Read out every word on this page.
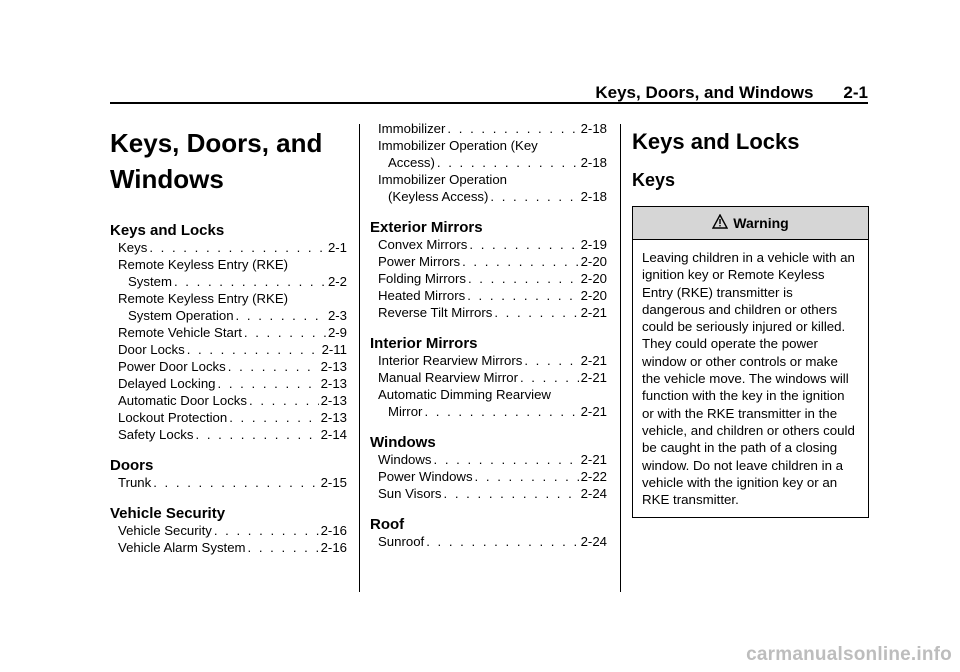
Keys, Doors, and Windows 2-1
Keys, Doors, and Windows
Keys and Locks
Keys . . .	2-1
Remote Keyless Entry (RKE)
System . . .	2-2
Remote Keyless Entry (RKE)
System Operation . . .	2-3
Remote Vehicle Start . . .	2-9
Door Locks . . .	2-11
Power Door Locks . . .	2-13
Delayed Locking . . .	2-13
Automatic Door Locks . . .	2-13
Lockout Protection . . .	2-13
Safety Locks . . .	2-14
Doors
Trunk . . .	2-15
Vehicle Security
Vehicle Security . . .	2-16
Vehicle Alarm System . . .	2-16
Immobilizer . . .	2-18
Immobilizer Operation (Key
Access) . . .	2-18
Immobilizer Operation
(Keyless Access) . . .	2-18
Exterior Mirrors
Convex Mirrors . . .	2-19
Power Mirrors . . .	2-20
Folding Mirrors . . .	2-20
Heated Mirrors . . .	2-20
Reverse Tilt Mirrors . . .	2-21
Interior Mirrors
Interior Rearview Mirrors . . .	2-21
Manual Rearview Mirror . . .	2-21
Automatic Dimming Rearview
Mirror . . .	2-21
Windows
Windows . . .	2-21
Power Windows . . .	2-22
Sun Visors . . .	2-24
Roof
Sunroof . . .	2-24
Keys and Locks
Keys
Warning
Leaving children in a vehicle with an ignition key or Remote Keyless Entry (RKE) transmitter is dangerous and children or others could be seriously injured or killed. They could operate the power window or other controls or make the vehicle move. The windows will function with the key in the ignition or with the RKE transmitter in the vehicle, and children or others could be caught in the path of a closing window. Do not leave children in a vehicle with the ignition key or an RKE transmitter.
carmanualsonline.info
